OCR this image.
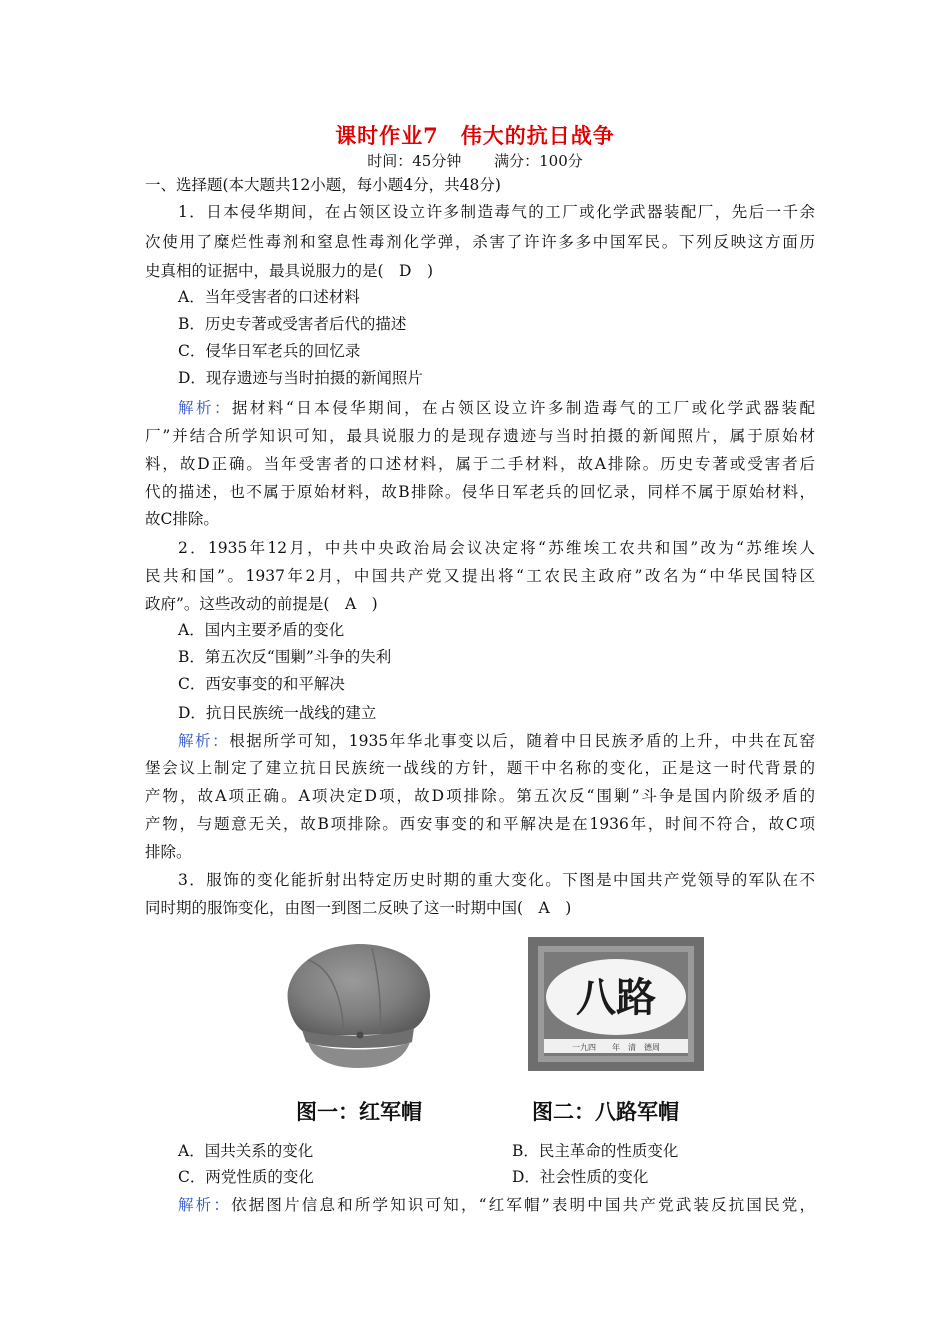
课时作业7　伟大的抗日战争
时间：45分钟 满分：100分
一、选择题(本大题共12小题，每小题4分，共48分)
1．日本侵华期间，在占领区设立许多制造毒气的工厂或化学武器装配厂，先后一千余
次使用了糜烂性毒剂和窒息性毒剂化学弹，杀害了许许多多中国军民。下列反映这方面历
史真相的证据中，最具说服力的是(　D　)
A．当年受害者的口述材料
B．历史专著或受害者后代的描述
C．侵华日军老兵的回忆录
D．现存遗迹与当时拍摄的新闻照片
解析：据材料“日本侵华期间，在占领区设立许多制造毒气的工厂或化学武器装配
厂”并结合所学知识可知，最具说服力的是现存遗迹与当时拍摄的新闻照片，属于原始材
料，故D正确。当年受害者的口述材料，属于二手材料，故A排除。历史专著或受害者后
代的描述，也不属于原始材料，故B排除。侵华日军老兵的回忆录，同样不属于原始材料，
故C排除。
2．1935年12月，中共中央政治局会议决定将“苏维埃工农共和国”改为“苏维埃人
民共和国”。1937年2月，中国共产党又提出将“工农民主政府”改名为“中华民国特区
政府”。这些改动的前提是(　A　)
A．国内主要矛盾的变化
B．第五次反“围剿”斗争的失利
C．西安事变的和平解决
D．抗日民族统一战线的建立
解析：根据所学可知，1935年华北事变以后，随着中日民族矛盾的上升，中共在瓦窑
堡会议上制定了建立抗日民族统一战线的方针，题干中名称的变化，正是这一时代背景的
产物，故A项正确。A项决定D项，故D项排除。第五次反“围剿”斗争是国内阶级矛盾的
产物，与题意无关，故B项排除。西安事变的和平解决是在1936年，时间不符合，故C项
排除。
3．服饰的变化能折射出特定历史时期的重大变化。下图是中国共产党领导的军队在不
同时期的服饰变化，由图一到图二反映了这一时期中国(　A　)
图一：红军帽
八路
一九四　　年　清　德周
图二：八路军帽
A．国共关系的变化	B．民主革命的性质变化
C．两党性质的变化	D．社会性质的变化
解析：依据图片信息和所学知识可知，“红军帽”表明中国共产党武装反抗国民党，
